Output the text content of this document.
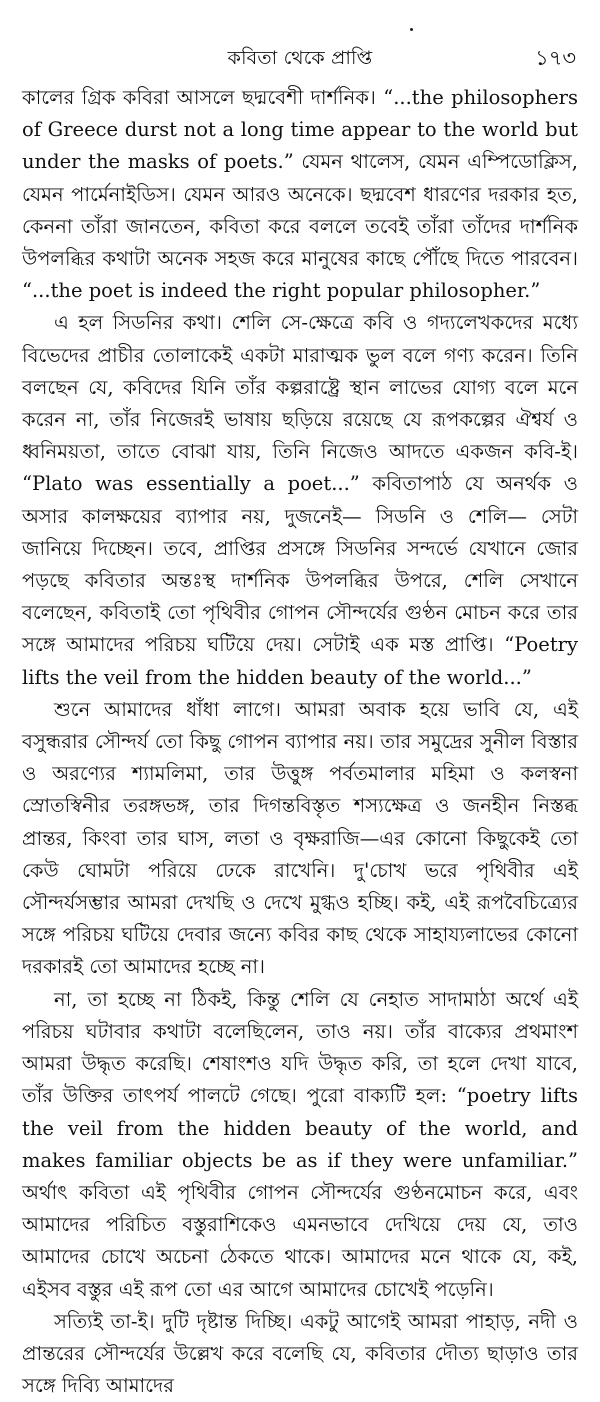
কবিতা থেকে প্রাপ্তি	১৭৩

কালের গ্রিক কবিরা আসলে ছদ্মবেশী দার্শনিক। “...the philosophers of Greece durst not a long time appear to the world but under the masks of poets.” যেমন থালেস, যেমন এম্পিডোক্লিস, যেমন পার্মেনাইডিস। যেমন আরও অনেকে। ছদ্মবেশ ধারণের দরকার হত, কেননা তাঁরা জানতেন, কবিতা করে বললে তবেই তাঁরা তাঁদের দার্শনিক উপলব্ধির কথাটা অনেক সহজ করে মানুষের কাছে পৌঁছে দিতে পারবেন। “...the poet is indeed the right popular philosopher.”

এ হল সিডনির কথা। শেলি সে-ক্ষেত্রে কবি ও গদ্যলেখকদের মধ্যে বিভেদের প্রাচীর তোলাকেই একটা মারাত্মক ভুল বলে গণ্য করেন। তিনি বলছেন যে, কবিদের যিনি তাঁর কল্পরাষ্ট্রে স্থান লাভের যোগ্য বলে মনে করেন না, তাঁর নিজেরই ভাষায় ছড়িয়ে রয়েছে যে রূপকল্পের ঐশ্বর্য ও ধ্বনিময়তা, তাতে বোঝা যায়, তিনি নিজেও আদতে একজন কবি-ই। “Plato was essentially a poet...” কবিতাপাঠ যে অনর্থক ও অসার কালক্ষয়ের ব্যাপার নয়, দুজনেই— সিডনি ও শেলি— সেটা জানিয়ে দিচ্ছেন। তবে, প্রাপ্তির প্রসঙ্গে সিডনির সন্দর্ভে যেখানে জোর পড়ছে কবিতার অন্তঃস্থ দার্শনিক উপলব্ধির উপরে, শেলি সেখানে বলেছেন, কবিতাই তো পৃথিবীর গোপন সৌন্দর্যের গুণ্ঠন মোচন করে তার সঙ্গে আমাদের পরিচয় ঘটিয়ে দেয়। সেটাই এক মস্ত প্রাপ্তি। “Poetry lifts the veil from the hidden beauty of the world...”

শুনে আমাদের ধাঁধা লাগে। আমরা অবাক হয়ে ভাবি যে, এই বসুন্ধরার সৌন্দর্য তো কিছু গোপন ব্যাপার নয়। তার সমুদ্রের সুনীল বিস্তার ও অরণ্যের শ্যামলিমা, তার উত্তুঙ্গ পর্বতমালার মহিমা ও কলস্বনা স্রোতস্বিনীর তরঙ্গভঙ্গ, তার দিগন্তবিস্তৃত শস্যক্ষেত্র ও জনহীন নিস্তব্ধ প্রান্তর, কিংবা তার ঘাস, লতা ও বৃক্ষরাজি—এর কোনো কিছুকেই তো কেউ ঘোমটা পরিয়ে ঢেকে রাখেনি। দু'চোখ ভরে পৃথিবীর এই সৌন্দর্যসম্ভার আমরা দেখছি ও দেখে মুগ্ধও হচ্ছি। কই, এই রূপবৈচিত্র্যের সঙ্গে পরিচয় ঘটিয়ে দেবার জন্যে কবির কাছ থেকে সাহায্যলাভের কোনো দরকারই তো আমাদের হচ্ছে না।

না, তা হচ্ছে না ঠিকই, কিন্তু শেলি যে নেহাত সাদামাঠা অর্থে এই পরিচয় ঘটাবার কথাটা বলেছিলেন, তাও নয়। তাঁর বাক্যের প্রথমাংশ আমরা উদ্ধৃত করেছি। শেষাংশও যদি উদ্ধৃত করি, তা হলে দেখা যাবে, তাঁর উক্তির তাৎপর্য পালটে গেছে। পুরো বাক্যটি হল: “poetry lifts the veil from the hidden beauty of the world, and makes familiar objects be as if they were unfamiliar.” অর্থাৎ কবিতা এই পৃথিবীর গোপন সৌন্দর্যের গুণ্ঠনমোচন করে, এবং আমাদের পরিচিত বস্তুরাশিকেও এমনভাবে দেখিয়ে দেয় যে, তাও আমাদের চোখে অচেনা ঠেকতে থাকে। আমাদের মনে থাকে যে, কই, এইসব বস্তুর এই রূপ তো এর আগে আমাদের চোখেই পড়েনি।

সত্যিই তা-ই। দুটি দৃষ্টান্ত দিচ্ছি। একটু আগেই আমরা পাহাড়, নদী ও প্রান্তরের সৌন্দর্যের উল্লেখ করে বলেছি যে, কবিতার দৌত্য ছাড়াও তার সঙ্গে দিব্যি আমাদের
